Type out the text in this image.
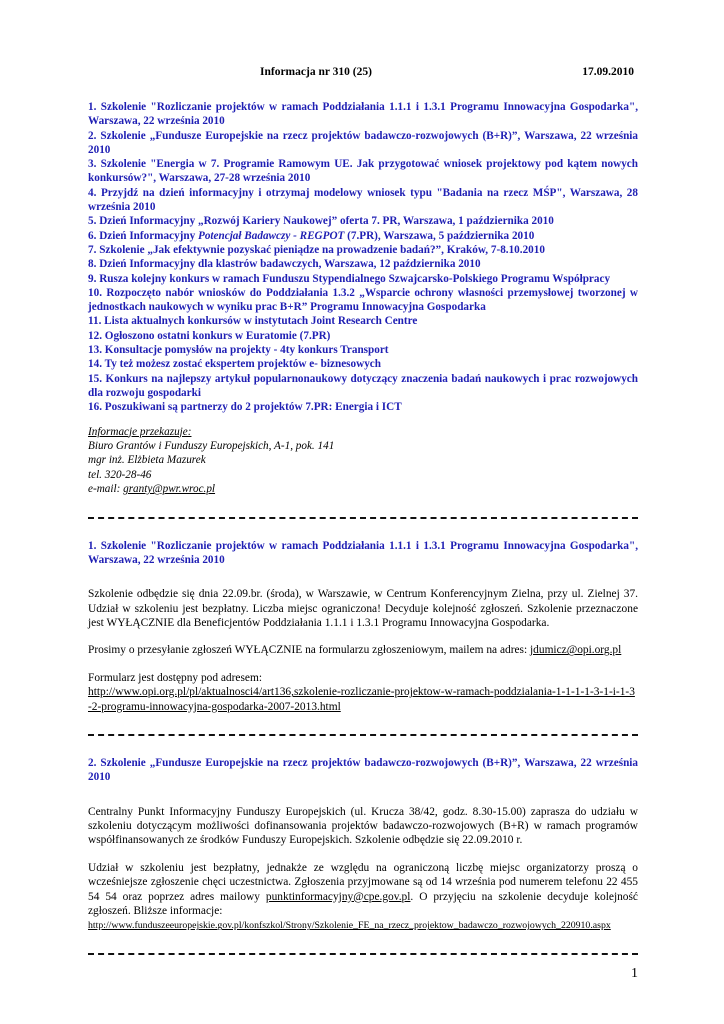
Informacja nr 310 (25)	17.09.2010
1. Szkolenie "Rozliczanie projektów w ramach Poddziałania 1.1.1 i 1.3.1 Programu Innowacyjna Gospodarka", Warszawa, 22 września 2010
2. Szkolenie „Fundusze Europejskie na rzecz projektów badawczo-rozwojowych (B+R)”, Warszawa, 22 września 2010
3. Szkolenie "Energia w 7. Programie Ramowym UE. Jak przygotować wniosek projektowy pod kątem nowych konkursów?", Warszawa, 27-28 września 2010
4. Przyjdź na dzień informacyjny i otrzymaj modelowy wniosek typu "Badania na rzecz MŚP", Warszawa, 28 września 2010
5. Dzień Informacyjny „Rozwój Kariery Naukowej” oferta 7. PR, Warszawa, 1 października 2010
6. Dzień Informacyjny Potencjał Badawczy - REGPOT (7.PR), Warszawa, 5 października 2010
7. Szkolenie „Jak efektywnie pozyskać pieniądze na prowadzenie badań?”, Kraków, 7-8.10.2010
8. Dzień Informacyjny dla klastrów badawczych, Warszawa, 12 października 2010
9. Rusza kolejny konkurs w ramach Funduszu Stypendialnego Szwajcarsko-Polskiego Programu Współpracy
10. Rozpoczęto nabór wniosków do Poddziałania 1.3.2 „Wsparcie ochrony własności przemysłowej tworzonej w jednostkach naukowych w wyniku prac B+R” Programu Innowacyjna Gospodarka
11. Lista aktualnych konkursów w instytutach Joint Research Centre
12. Ogłoszono ostatni konkurs w Euratomie (7.PR)
13. Konsultacje pomysłów na projekty - 4ty konkurs Transport
14. Ty też możesz zostać ekspertem projektów e- biznesowych
15. Konkurs na najlepszy artykuł popularnonaukowy dotyczący znaczenia badań naukowych i prac rozwojowych dla rozwoju gospodarki
16. Poszukiwani są partnerzy do 2 projektów 7.PR: Energia i ICT
Informacje przekazuje:
Biuro Grantów i Funduszy Europejskich, A-1, pok. 141
mgr inż. Elżbieta Mazurek
tel. 320-28-46
e-mail: granty@pwr.wroc.pl
1. Szkolenie "Rozliczanie projektów w ramach Poddziałania 1.1.1 i 1.3.1 Programu Innowacyjna Gospodarka", Warszawa, 22 września 2010
Szkolenie odbędzie się dnia 22.09.br. (środa), w Warszawie, w Centrum Konferencyjnym Zielna, przy ul. Zielnej 37. Udział w szkoleniu jest bezpłatny. Liczba miejsc ograniczona! Decyduje kolejność zgłoszeń. Szkolenie przeznaczone jest WYŁĄCZNIE dla Beneficjentów Poddziałania 1.1.1 i 1.3.1 Programu Innowacyjna Gospodarka.
Prosimy o przesyłanie zgłoszeń WYŁĄCZNIE na formularzu zgłoszeniowym, mailem na adres: jdumicz@opi.org.pl
Formularz jest dostępny pod adresem:
http://www.opi.org.pl/pl/aktualnosci4/art136,szkolenie-rozliczanie-projektow-w-ramach-poddzialania-1-1-1-1-3-1-i-1-3-2-programu-innowacyjna-gospodarka-2007-2013.html
2. Szkolenie „Fundusze Europejskie na rzecz projektów badawczo-rozwojowych (B+R)”, Warszawa, 22 września 2010
Centralny Punkt Informacyjny Funduszy Europejskich (ul. Krucza 38/42, godz. 8.30-15.00) zaprasza do udziału w szkoleniu dotyczącym możliwości dofinansowania projektów badawczo-rozwojowych (B+R) w ramach programów współfinansowanych ze środków Funduszy Europejskich. Szkolenie odbędzie się 22.09.2010 r.
Udział w szkoleniu jest bezpłatny, jednakże ze względu na ograniczoną liczbę miejsc organizatorzy proszą o wcześniejsze zgłoszenie chęci uczestnictwa. Zgłoszenia przyjmowane są od 14 września pod numerem telefonu 22 455 54 54 oraz poprzez adres mailowy punktinformacyjny@cpe.gov.pl. O przyjęciu na szkolenie decyduje kolejność zgłoszeń. Bliższe informacje:
http://www.funduszeeuropejskie.gov.pl/konfszkol/Strony/Szkolenie_FE_na_rzecz_projektow_badawczo_rozwojowych_220910.aspx
1
